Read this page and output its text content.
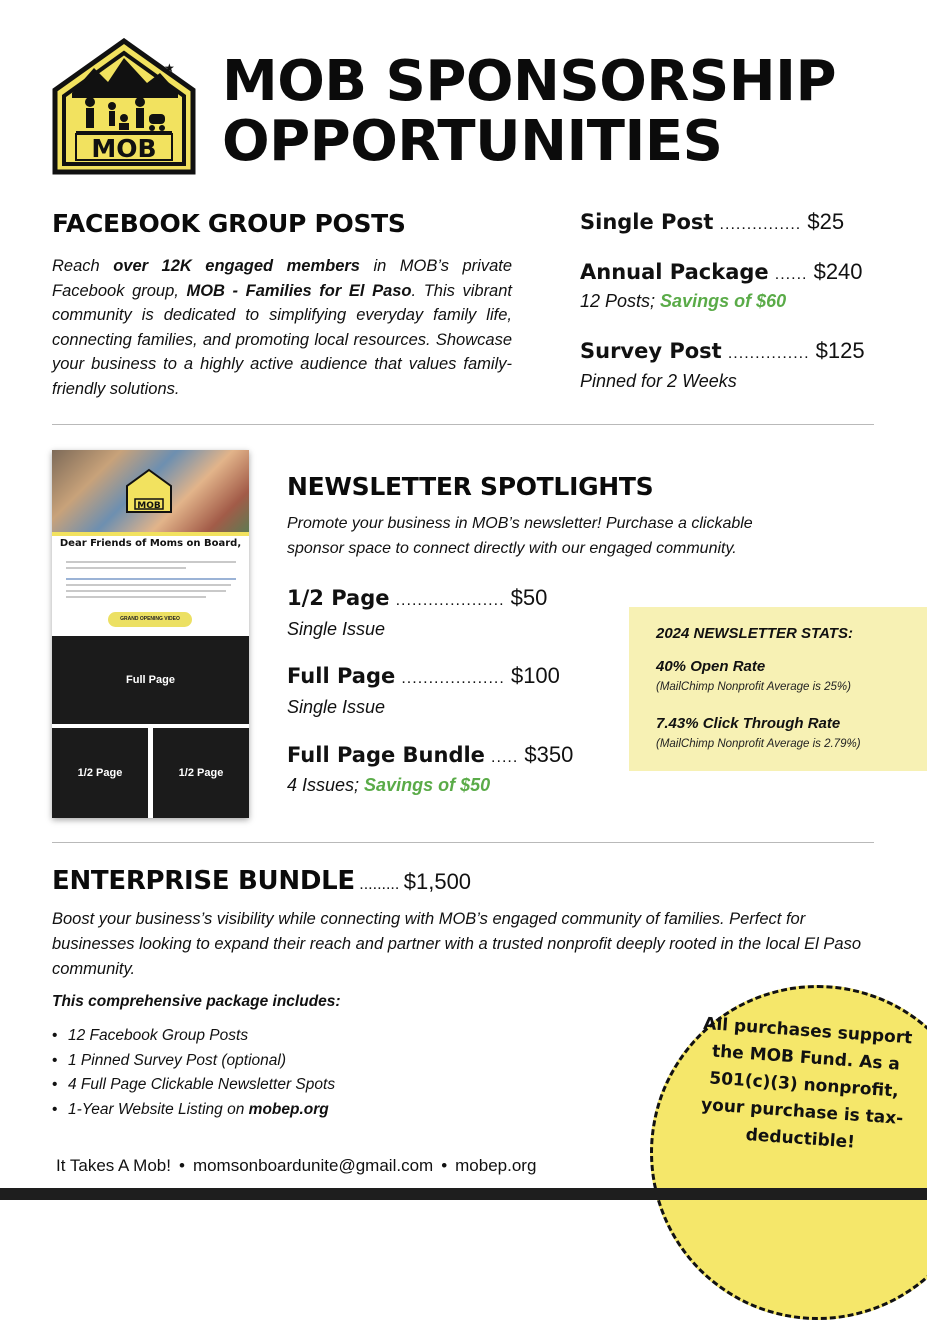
★
MOB
MOB SPONSORSHIP
OPPORTUNITIES
FACEBOOK GROUP POSTS

Reach over 12K engaged members in MOB’s private Facebook group, MOB - Families for El Paso. This vibrant community is dedicated to simplifying everyday family life, connecting families, and promoting local resources. Showcase your business to a highly active audience that values family-friendly solutions.

Single Post ............... $25
Annual Package ...... $240
12 Posts; Savings of $60
Survey Post ............... $125
Pinned for 2 Weeks
MOB
Dear Friends of Moms on Board,
GRAND OPENING VIDEO
Full Page
1/2 Page	1/2 Page
NEWSLETTER SPOTLIGHTS

Promote your business in MOB’s newsletter! Purchase a clickable sponsor space to connect directly with our engaged community.

1/2 Page .................... $50
Single Issue
Full Page ................... $100
Single Issue
Full Page Bundle ..... $350
4 Issues; Savings of $50
2024 NEWSLETTER STATS:
40% Open Rate
(MailChimp Nonprofit Average is 25%)
7.43% Click Through Rate
(MailChimp Nonprofit Average is 2.79%)
ENTERPRISE BUNDLE ......... $1,500

Boost your business’s visibility while connecting with MOB’s engaged community of families. Perfect for businesses looking to expand their reach and partner with a trusted nonprofit deeply rooted in the local El Paso community.

This comprehensive package includes:
• 12 Facebook Group Posts
• 1 Pinned Survey Post (optional)
• 4 Full Page Clickable Newsletter Spots
• 1-Year Website Listing on mobep.org
All purchases support the MOB Fund. As a 501(c)(3) nonprofit, your purchase is tax-deductible!
It Takes A Mob! • momsonboardunite@gmail.com • mobep.org
